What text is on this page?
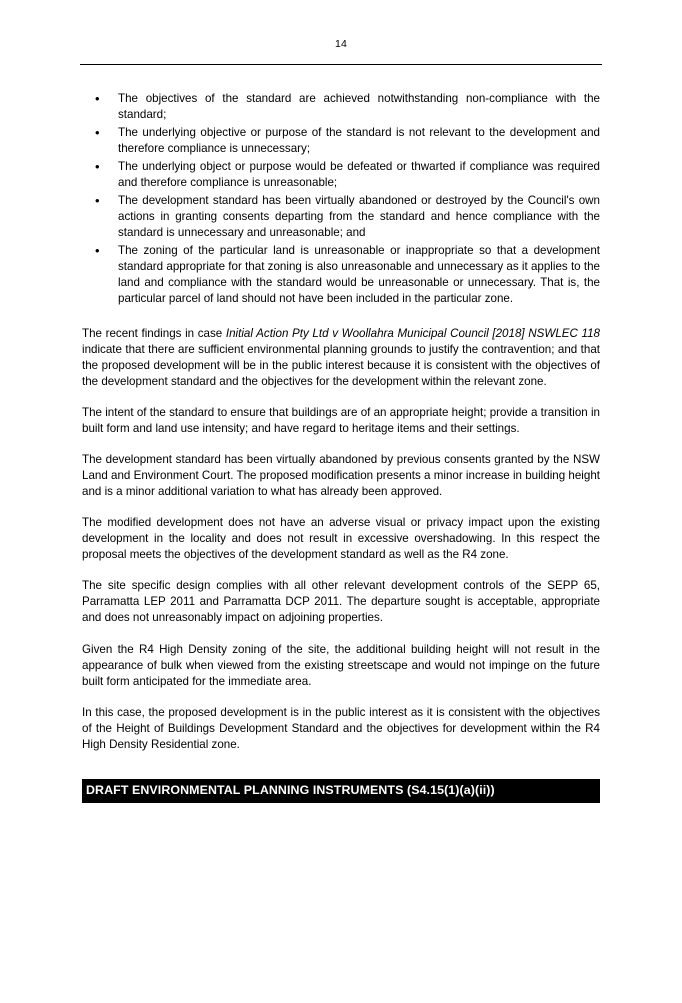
14
• The objectives of the standard are achieved notwithstanding non-compliance with the standard;
• The underlying objective or purpose of the standard is not relevant to the development and therefore compliance is unnecessary;
• The underlying object or purpose would be defeated or thwarted if compliance was required and therefore compliance is unreasonable;
• The development standard has been virtually abandoned or destroyed by the Council's own actions in granting consents departing from the standard and hence compliance with the standard is unnecessary and unreasonable; and
• The zoning of the particular land is unreasonable or inappropriate so that a development standard appropriate for that zoning is also unreasonable and unnecessary as it applies to the land and compliance with the standard would be unreasonable or unnecessary. That is, the particular parcel of land should not have been included in the particular zone.

The recent findings in case Initial Action Pty Ltd v Woollahra Municipal Council [2018] NSWLEC 118 indicate that there are sufficient environmental planning grounds to justify the contravention; and that the proposed development will be in the public interest because it is consistent with the objectives of the development standard and the objectives for the development within the relevant zone.

The intent of the standard to ensure that buildings are of an appropriate height; provide a transition in built form and land use intensity; and have regard to heritage items and their settings.

The development standard has been virtually abandoned by previous consents granted by the NSW Land and Environment Court. The proposed modification presents a minor increase in building height and is a minor additional variation to what has already been approved.

The modified development does not have an adverse visual or privacy impact upon the existing development in the locality and does not result in excessive overshadowing. In this respect the proposal meets the objectives of the development standard as well as the R4 zone.

The site specific design complies with all other relevant development controls of the SEPP 65, Parramatta LEP 2011 and Parramatta DCP 2011. The departure sought is acceptable, appropriate and does not unreasonably impact on adjoining properties.

Given the R4 High Density zoning of the site, the additional building height will not result in the appearance of bulk when viewed from the existing streetscape and would not impinge on the future built form anticipated for the immediate area.

In this case, the proposed development is in the public interest as it is consistent with the objectives of the Height of Buildings Development Standard and the objectives for development within the R4 High Density Residential zone.

DRAFT ENVIRONMENTAL PLANNING INSTRUMENTS (S4.15(1)(a)(ii))
